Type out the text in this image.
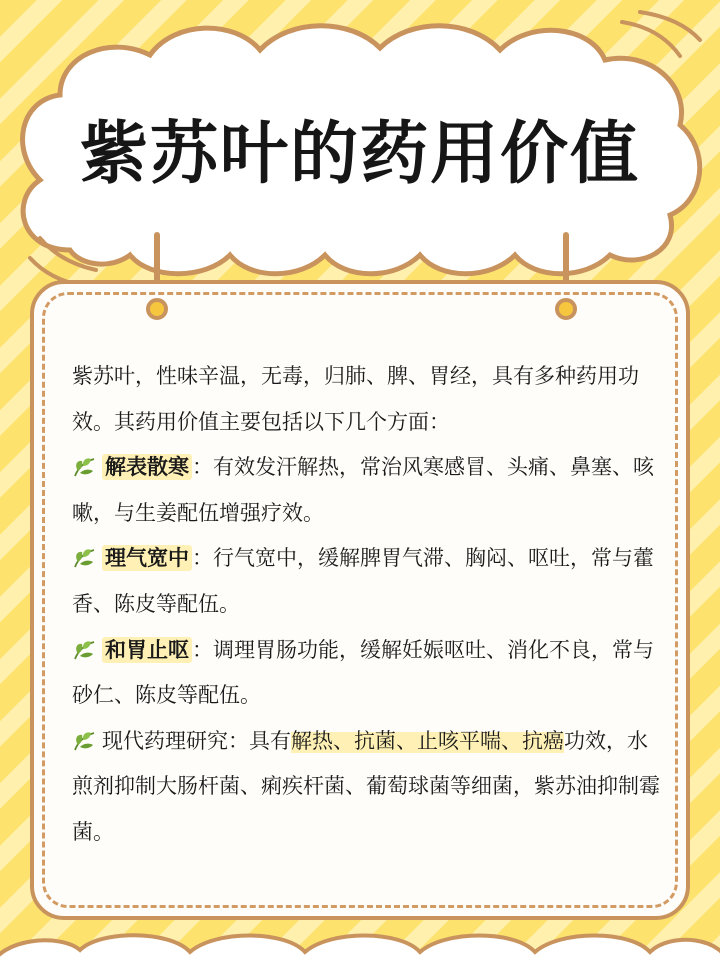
紫苏叶的药用价值

紫苏叶，性味辛温，无毒，归肺、脾、胃经，具有多种药用功效。其药用价值主要包括以下几个方面：

解表散寒 ：有效发汗解热，常治风寒感冒、头痛、鼻塞、咳嗽，与生姜配伍增强疗效。

理气宽中 ：行气宽中，缓解脾胃气滞、胸闷、呕吐，常与藿香、陈皮等配伍。

和胃止呕 ：调理胃肠功能，缓解妊娠呕吐、消化不良，常与砂仁、陈皮等配伍。

现代药理研究：具有解热、抗菌、止咳平喘、抗癌功效，水煎剂抑制大肠杆菌、痢疾杆菌、葡萄球菌等细菌，紫苏油抑制霉菌。
